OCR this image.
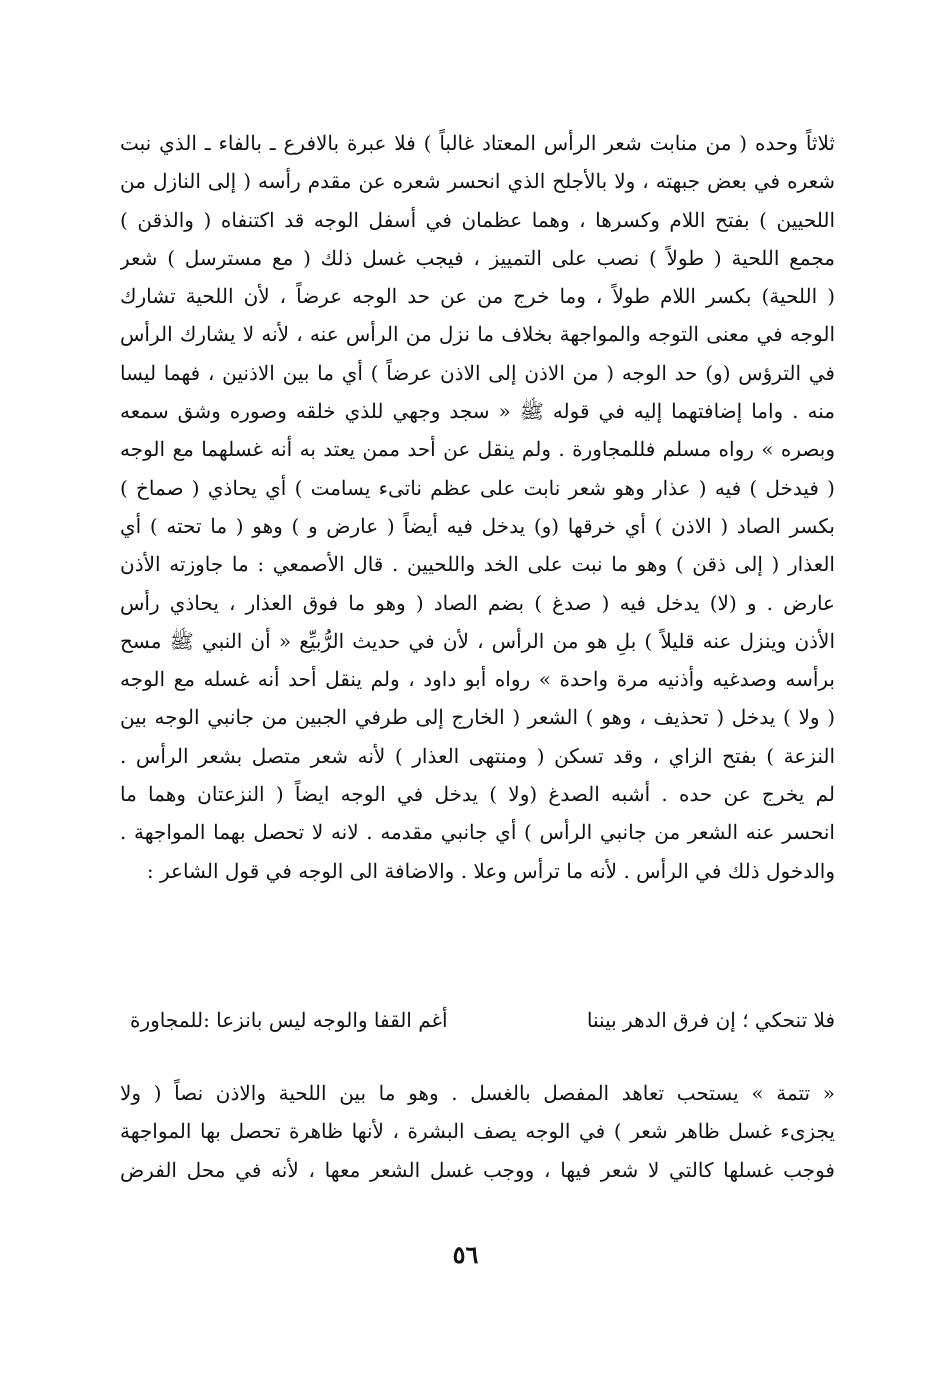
ثلاثاً وحده ( من منابت شعر الرأس المعتاد غالباً ) فلا عبرة بالافرع ـ بالفاء ـ الذي نبت
شعره في بعض جبهته ، ولا بالأجلح الذي انحسر شعره عن مقدم رأسه ( إلى النازل من
اللحيين ) بفتح اللام وكسرها ، وهما عظمان في أسفل الوجه قد اكتنفاه ( والذقن )
مجمع اللحية ( طولاً ) نصب على التمييز ، فيجب غسل ذلك ( مع مسترسل ) شعر
( اللحية) بكسر اللام طولاً ، وما خرج من عن حد الوجه عرضاً ، لأن اللحية تشارك
الوجه في معنى التوجه والمواجهة بخلاف ما نزل من الرأس عنه ، لأنه لا يشارك الرأس
في الترؤس (و) حد الوجه ( من الاذن إلى الاذن عرضاً ) أي ما بين الاذنين ، فهما ليسا
منه . واما إضافتهما إليه في قوله ﷺ « سجد وجهي للذي خلقه وصوره وشق سمعه
وبصره » رواه مسلم فللمجاورة . ولم ينقل عن أحد ممن يعتد به أنه غسلهما مع الوجه
( فيدخل ) فيه ( عذار وهو شعر نابت على عظم ناتىء يسامت ) أي يحاذي ( صماخ )
بكسر الصاد ( الاذن ) أي خرقها (و) يدخل فيه أيضاً ( عارض و ) وهو ( ما تحته ) أي
العذار ( إلى ذقن ) وهو ما نبت على الخد واللحيين . قال الأصمعي : ما جاوزته الأذن
عارض . و (لا) يدخل فيه ( صدغ ) بضم الصاد ( وهو ما فوق العذار ، يحاذي رأس
الأذن وينزل عنه قليلاً ) بلِ هو من الرأس ، لأن في حديث الرُّبيِّع « أن النبي ﷺ مسح
برأسه وصدغيه وأذنيه مرة واحدة » رواه أبو داود ، ولم ينقل أحد أنه غسله مع الوجه
( ولا ) يدخل ( تحذيف ، وهو ) الشعر ( الخارج إلى طرفي الجبين من جانبي الوجه بين
النزعة ) بفتح الزاي ، وقد تسكن ( ومنتهى العذار ) لأنه شعر متصل بشعر الرأس .
لم يخرج عن حده . أشبه الصدغ (ولا ) يدخل في الوجه ايضاً ( النزعتان وهما ما
انحسر عنه الشعر من جانبي الرأس ) أي جانبي مقدمه . لانه لا تحصل بهما المواجهة .
والدخول ذلك في الرأس . لأنه ما ترأس وعلا . والاضافة الى الوجه في قول الشاعر :
فلا تنحكي ؛ إن فرق الدهر بيننا
أغم القفا والوجه ليس بانزعا :للمجاورة
« تتمة » يستحب تعاهد المفصل بالغسل . وهو ما بين اللحية والاذن نصاً ( ولا
يجزىء غسل ظاهر شعر ) في الوجه يصف البشرة ، لأنها ظاهرة تحصل بها المواجهة
فوجب غسلها كالتي لا شعر فيها ، ووجب غسل الشعر معها ، لأنه في محل الفرض
٥٦
